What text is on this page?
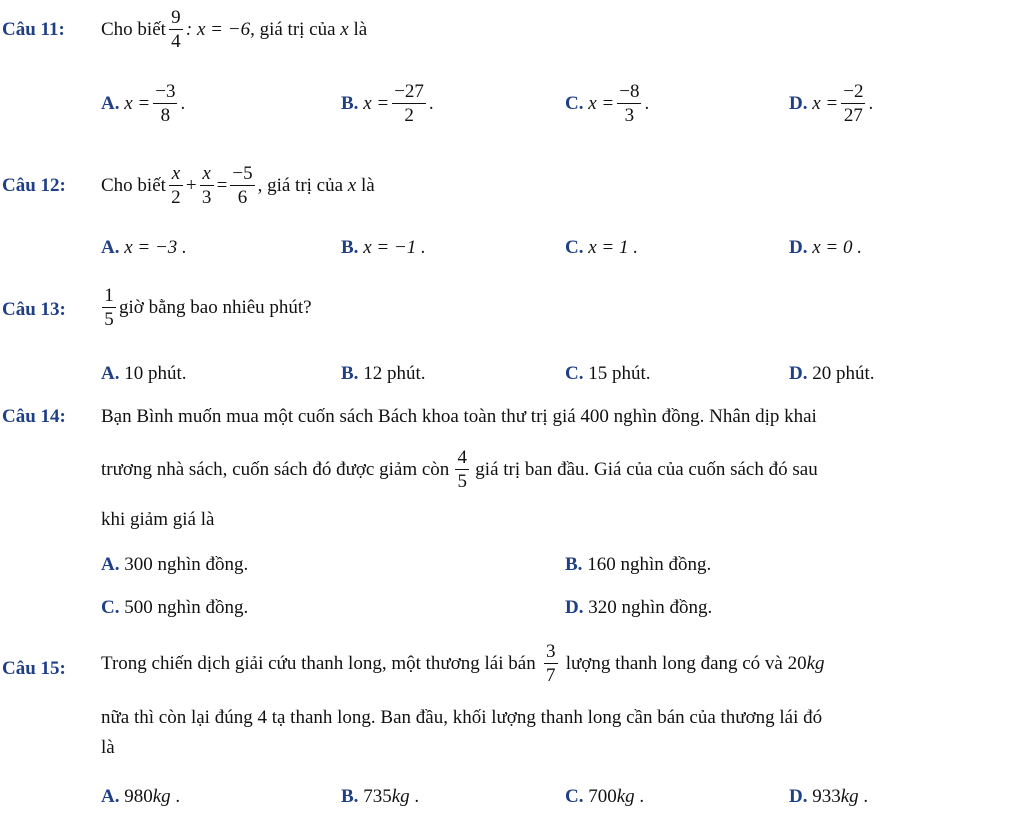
Câu 11: Cho biết $\frac{9}{4}$ : x = −6 , giá trị của
x
là
A.
$x = \frac{-3}{8}$ .	B.
$x = \frac{-27}{2}$ .	C.
$x = \frac{-8}{3}$ .	D.
$x = \frac{-2}{27}$ .
Câu 12: Cho biết $\frac{x}{2} + \frac{x}{3} = \frac{-5}{6}$ , giá trị của
x
là
A. x = −3 .	B. x = −1 .	C. x = 1 .	D. x = 0 .
Câu 13: $\frac{1}{5}$ giờ bằng bao nhiêu phút?
A. 10 phút.	B. 12 phút.	C. 15 phút.	D. 20 phút.
Câu 14: Bạn Bình muốn mua một cuốn sách Bách khoa toàn thư trị giá 400 nghìn đồng. Nhân dịp khai
trương nhà sách, cuốn sách đó được giảm còn $\frac{4}{5}$ giá trị ban đầu. Giá của của cuốn sách đó sau
khi giảm giá là
A. 300 nghìn đồng.	B. 160 nghìn đồng.
C. 500 nghìn đồng.	D. 320 nghìn đồng.
Câu 15: Trong chiến dịch giải cứu thanh long, một thương lái bán $\frac{3}{7}$ lượng thanh long đang có và
20 kg
nữa thì còn lại đúng 4 tạ thanh long. Ban đầu, khối lượng thanh long cần bán của thương lái đó
là
A. 980kg .	B. 735kg .	C. 700kg .	D. 933kg .
